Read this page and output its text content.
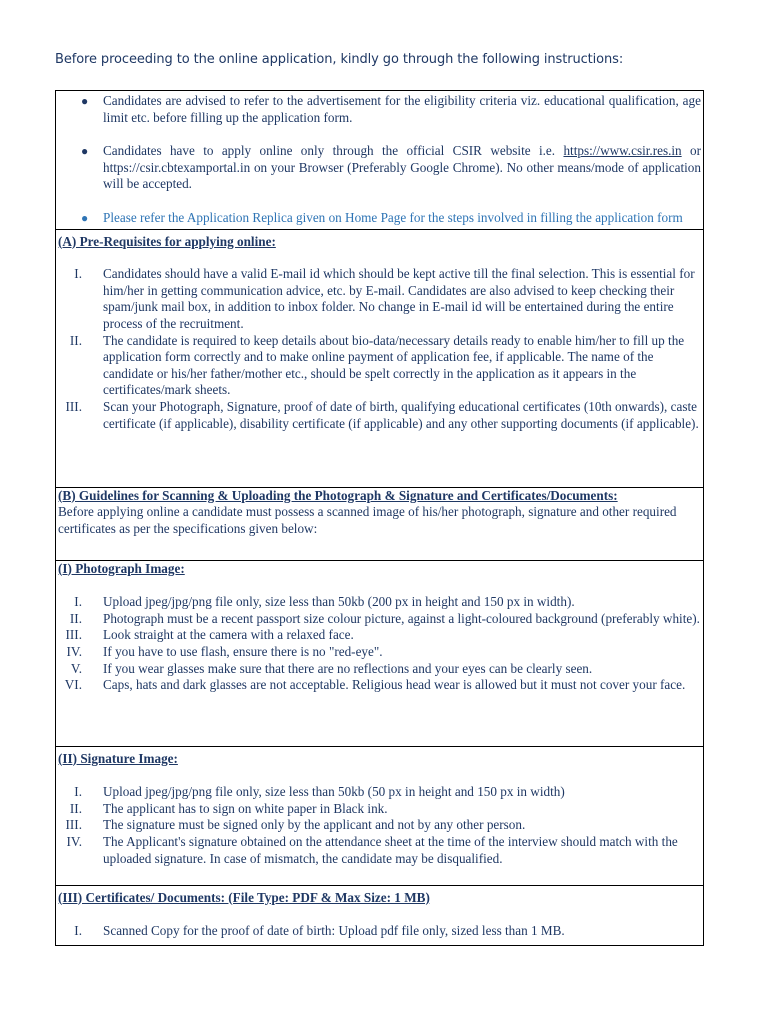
Before proceeding to the online application, kindly go through the following instructions:
● Candidates are advised to refer to the advertisement for the eligibility criteria viz. educational qualification, age limit etc. before filling up the application form.
● Candidates have to apply online only through the official CSIR website i.e. https://www.csir.res.in or https://csir.cbtexamportal.in on your Browser (Preferably Google Chrome). No other means/mode of application will be accepted.
● Please refer the Application Replica given on Home Page for the steps involved in filling the application form
(A) Pre-Requisites for applying online:
I. Candidates should have a valid E-mail id which should be kept active till the final selection. This is essential for him/her in getting communication advice, etc. by E-mail. Candidates are also advised to keep checking their spam/junk mail box, in addition to inbox folder. No change in E-mail id will be entertained during the entire process of the recruitment.
II. The candidate is required to keep details about bio-data/necessary details ready to enable him/her to fill up the application form correctly and to make online payment of application fee, if applicable. The name of the candidate or his/her father/mother etc., should be spelt correctly in the application as it appears in the certificates/mark sheets.
III. Scan your Photograph, Signature, proof of date of birth, qualifying educational certificates (10th onwards), caste certificate (if applicable), disability certificate (if applicable) and any other supporting documents (if applicable).
(B) Guidelines for Scanning & Uploading the Photograph & Signature and Certificates/Documents:
Before applying online a candidate must possess a scanned image of his/her photograph, signature and other required certificates as per the specifications given below:
(I) Photograph Image:
I. Upload jpeg/jpg/png file only, size less than 50kb (200 px in height and 150 px in width).
II. Photograph must be a recent passport size colour picture, against a light-coloured background (preferably white).
III. Look straight at the camera with a relaxed face.
IV. If you have to use flash, ensure there is no "red-eye".
V. If you wear glasses make sure that there are no reflections and your eyes can be clearly seen.
VI. Caps, hats and dark glasses are not acceptable. Religious head wear is allowed but it must not cover your face.
(II) Signature Image:
I. Upload jpeg/jpg/png file only, size less than 50kb (50 px in height and 150 px in width)
II. The applicant has to sign on white paper in Black ink.
III. The signature must be signed only by the applicant and not by any other person.
IV. The Applicant's signature obtained on the attendance sheet at the time of the interview should match with the uploaded signature. In case of mismatch, the candidate may be disqualified.
(III) Certificates/ Documents: (File Type: PDF & Max Size: 1 MB)
I. Scanned Copy for the proof of date of birth: Upload pdf file only, sized less than 1 MB.
